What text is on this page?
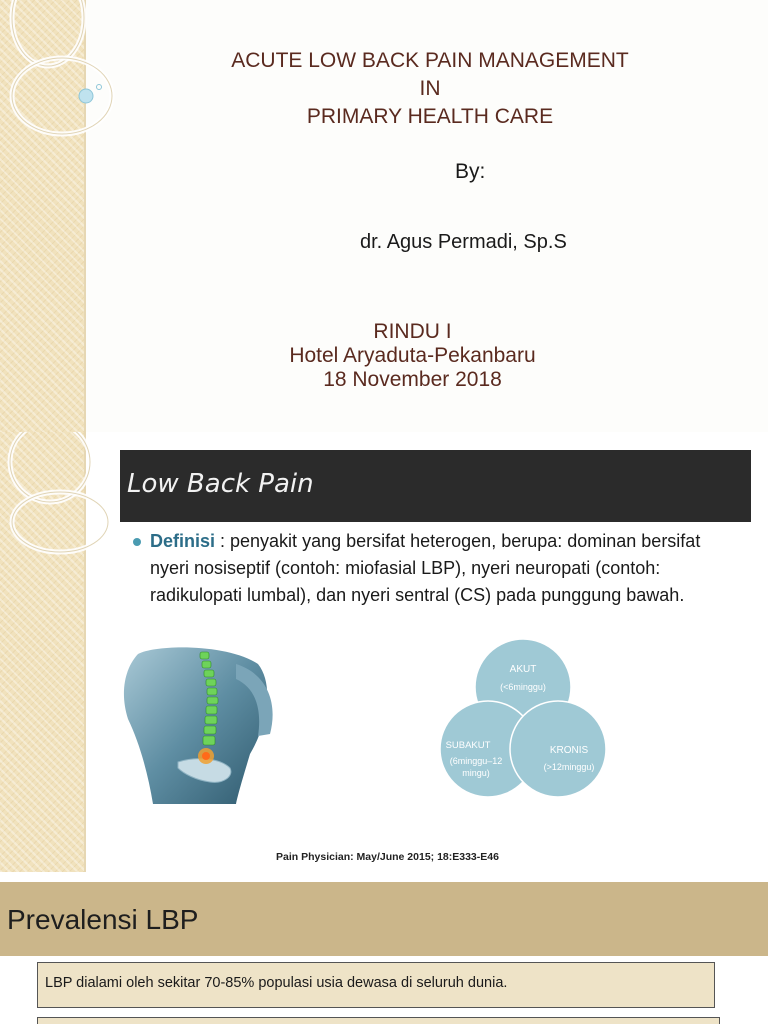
ACUTE LOW BACK PAIN MANAGEMENT
IN
PRIMARY HEALTH CARE
By:
dr. Agus Permadi, Sp.S
RINDU I
Hotel Aryaduta-Pekanbaru
18 November 2018
Low Back Pain
Definisi : penyakit yang bersifat heterogen, berupa: dominan bersifat nyeri nosiseptif (contoh: miofasial LBP), nyeri neuropati (contoh: radikulopati lumbal), dan nyeri sentral (CS) pada punggung bawah.
AKUT
(<6minggu)
SUBAKUT
(6minggu–12
mingu)
KRONIS
(>12minggu)
Pain Physician: May/June 2015; 18:E333-E46
Prevalensi LBP
LBP dialami oleh sekitar 70-85% populasi usia dewasa di seluruh dunia.
